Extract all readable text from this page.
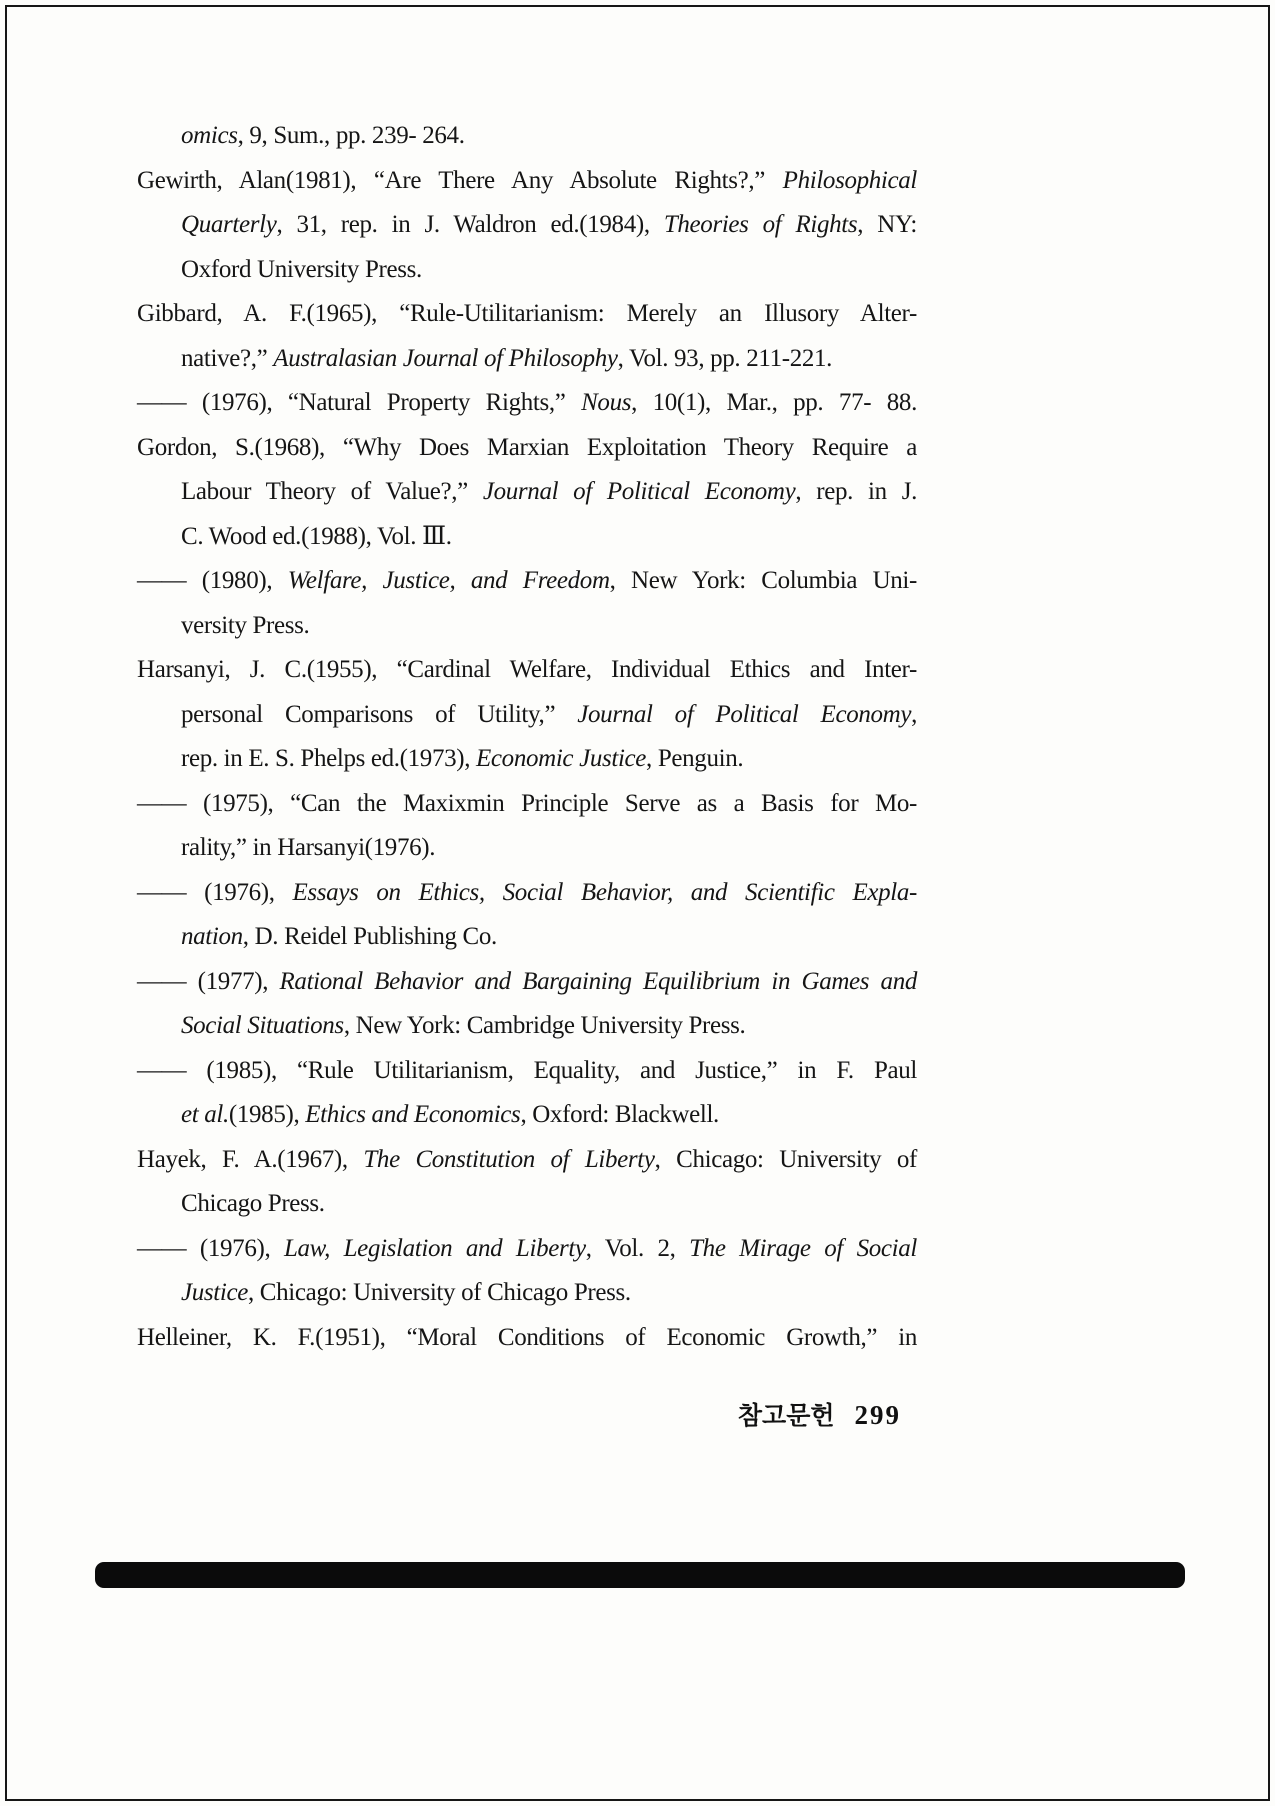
omics, 9, Sum., pp. 239- 264.
Gewirth, Alan(1981), “Are There Any Absolute Rights?,” Philosophical
Quarterly, 31, rep. in J. Waldron ed.(1984), Theories of Rights, NY:
Oxford University Press.
Gibbard, A. F.(1965), “Rule-Utilitarianism: Merely an Illusory Alter-
native?,” Australasian Journal of Philosophy, Vol. 93, pp. 211-221.
—— (1976), “Natural Property Rights,” Nous, 10(1), Mar., pp. 77- 88.
Gordon, S.(1968), “Why Does Marxian Exploitation Theory Require a
Labour Theory of Value?,” Journal of Political Economy, rep. in J.
C. Wood ed.(1988), Vol. Ⅲ.
—— (1980), Welfare, Justice, and Freedom, New York: Columbia Uni-
versity Press.
Harsanyi, J. C.(1955), “Cardinal Welfare, Individual Ethics and Inter-
personal Comparisons of Utility,” Journal of Political Economy,
rep. in E. S. Phelps ed.(1973), Economic Justice, Penguin.
—— (1975), “Can the Maxixmin Principle Serve as a Basis for Mo-
rality,” in Harsanyi(1976).
—— (1976), Essays on Ethics, Social Behavior, and Scientific Expla-
nation, D. Reidel Publishing Co.
—— (1977), Rational Behavior and Bargaining Equilibrium in Games and
Social Situations, New York: Cambridge University Press.
—— (1985), “Rule Utilitarianism, Equality, and Justice,” in F. Paul
et al.(1985), Ethics and Economics, Oxford: Blackwell.
Hayek, F. A.(1967), The Constitution of Liberty, Chicago: University of
Chicago Press.
—— (1976), Law, Legislation and Liberty, Vol. 2, The Mirage of Social
Justice, Chicago: University of Chicago Press.
Helleiner, K. F.(1951), “Moral Conditions of Economic Growth,” in
참고문헌 299
